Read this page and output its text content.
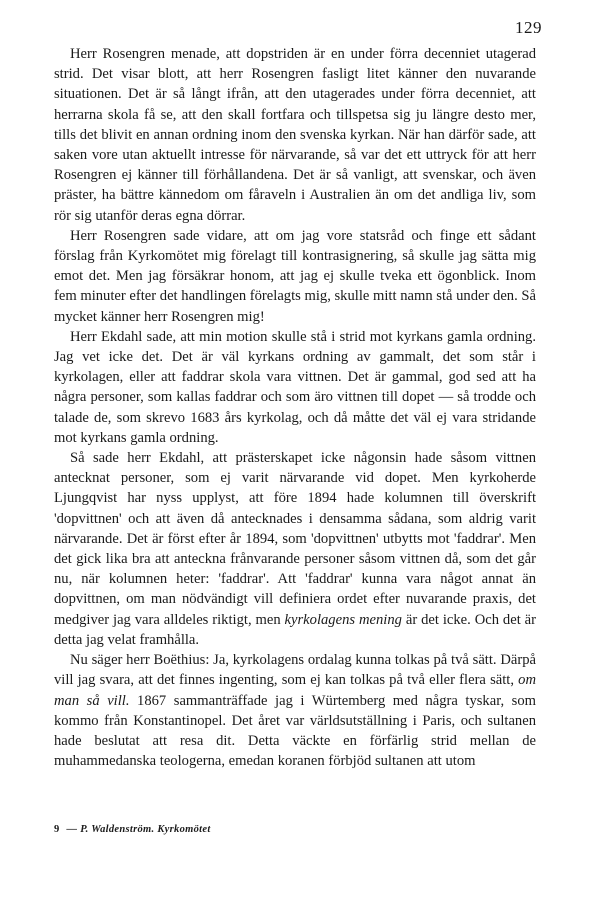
129

Herr Rosengren menade, att dopstriden är en under förra decenniet utagerad strid. Det visar blott, att herr Rosengren fasligt litet känner den nuvarande situationen. Det är så långt ifrån, att den utagerades under förra decenniet, att herrarna skola få se, att den skall fortfara och tillspetsa sig ju längre desto mer, tills det blivit en annan ordning inom den svenska kyrkan. När han därför sade, att saken vore utan aktuellt intresse för närvarande, så var det ett uttryck för att herr Rosengren ej känner till förhållandena. Det är så vanligt, att svenskar, och även präster, ha bättre kännedom om fåraveln i Australien än om det andliga liv, som rör sig utanför deras egna dörrar.

Herr Rosengren sade vidare, att om jag vore statsråd och finge ett sådant förslag från Kyrkomötet mig förelagt till kontrasignering, så skulle jag sätta mig emot det. Men jag försäkrar honom, att jag ej skulle tveka ett ögonblick. Inom fem minuter efter det handlingen förelagts mig, skulle mitt namn stå under den. Så mycket känner herr Rosengren mig!

Herr Ekdahl sade, att min motion skulle stå i strid mot kyrkans gamla ordning. Jag vet icke det. Det är väl kyrkans ordning av gammalt, det som står i kyrkolagen, eller att faddrar skola vara vittnen. Det är gammal, god sed att ha några personer, som kallas faddrar och som äro vittnen till dopet — så trodde och talade de, som skrevo 1683 års kyrkolag, och då måtte det väl ej vara stridande mot kyrkans gamla ordning.

Så sade herr Ekdahl, att prästerskapet icke någonsin hade såsom vittnen antecknat personer, som ej varit närvarande vid dopet. Men kyrkoherde Ljungqvist har nyss upplyst, att före 1894 hade kolumnen till överskrift 'dopvittnen' och att även då antecknades i densamma sådana, som aldrig varit närvarande. Det är först efter år 1894, som 'dopvittnen' utbytts mot 'faddrar'. Men det gick lika bra att anteckna frånvarande personer såsom vittnen då, som det går nu, när kolumnen heter: 'faddrar'. Att 'faddrar' kunna vara något annat än dopvittnen, om man nödvändigt vill definiera ordet efter nuvarande praxis, det medgiver jag vara alldeles riktigt, men kyrkolagens mening är det icke. Och det är detta jag velat framhålla.

Nu säger herr Boëthius: Ja, kyrkolagens ordalag kunna tolkas på två sätt. Därpå vill jag svara, att det finnes ingenting, som ej kan tolkas på två eller flera sätt, om man så vill. 1867 sammanträffade jag i Würtemberg med några tyskar, som kommo från Konstantinopel. Det året var världsutställning i Paris, och sultanen hade beslutat att resa dit. Detta väckte en förfärlig strid mellan de muhammedanska teologerna, emedan koranen förbjöd sultanen att utom

9 — P. Waldenström. Kyrkomötet
